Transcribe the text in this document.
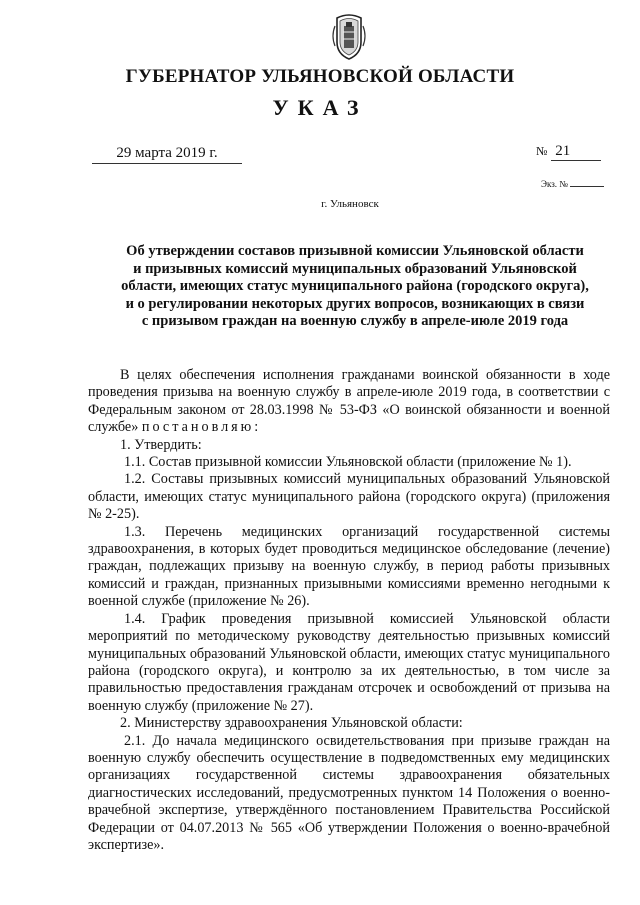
ГУБЕРНАТОР УЛЬЯНОВСКОЙ ОБЛАСТИ
УКАЗ
29 марта 2019 г.	№ 21
Экз. №
г. Ульяновск
Об утверждении составов призывной комиссии Ульяновской области
и призывных комиссий муниципальных образований Ульяновской
области, имеющих статус муниципального района (городского округа),
и о регулировании некоторых других вопросов, возникающих в связи
с призывом граждан на военную службу в апреле-июле 2019 года

В целях обеспечения исполнения гражданами воинской обязанности в ходе проведения призыва на военную службу в апреле-июле 2019 года, в соответствии с Федеральным законом от 28.03.1998 № 53-ФЗ «О воинской обязанности и военной службе» постановляю:

1. Утвердить:

1.1. Состав призывной комиссии Ульяновской области (приложение № 1).

1.2. Составы призывных комиссий муниципальных образований Ульяновской области, имеющих статус муниципального района (городского округа) (приложения № 2-25).

1.3. Перечень медицинских организаций государственной системы здравоохранения, в которых будет проводиться медицинское обследование (лечение) граждан, подлежащих призыву на военную службу, в период работы призывных комиссий и граждан, признанных призывными комиссиями временно негодными к военной службе (приложение № 26).

1.4. График проведения призывной комиссией Ульяновской области мероприятий по методическому руководству деятельностью призывных комиссий муниципальных образований Ульяновской области, имеющих статус муниципального района (городского округа), и контролю за их деятельностью, в том числе за правильностью предоставления гражданам отсрочек и освобождений от призыва на военную службу (приложение № 27).

2. Министерству здравоохранения Ульяновской области:

2.1. До начала медицинского освидетельствования при призыве граждан на военную службу обеспечить осуществление в подведомственных ему медицинских организациях государственной системы здравоохранения обязательных диагностических исследований, предусмотренных пунктом 14 Положения о военно-врачебной экспертизе, утверждённого постановлением Правительства Российской Федерации от 04.07.2013 № 565 «Об утверждении Положения о военно-врачебной экспертизе».
